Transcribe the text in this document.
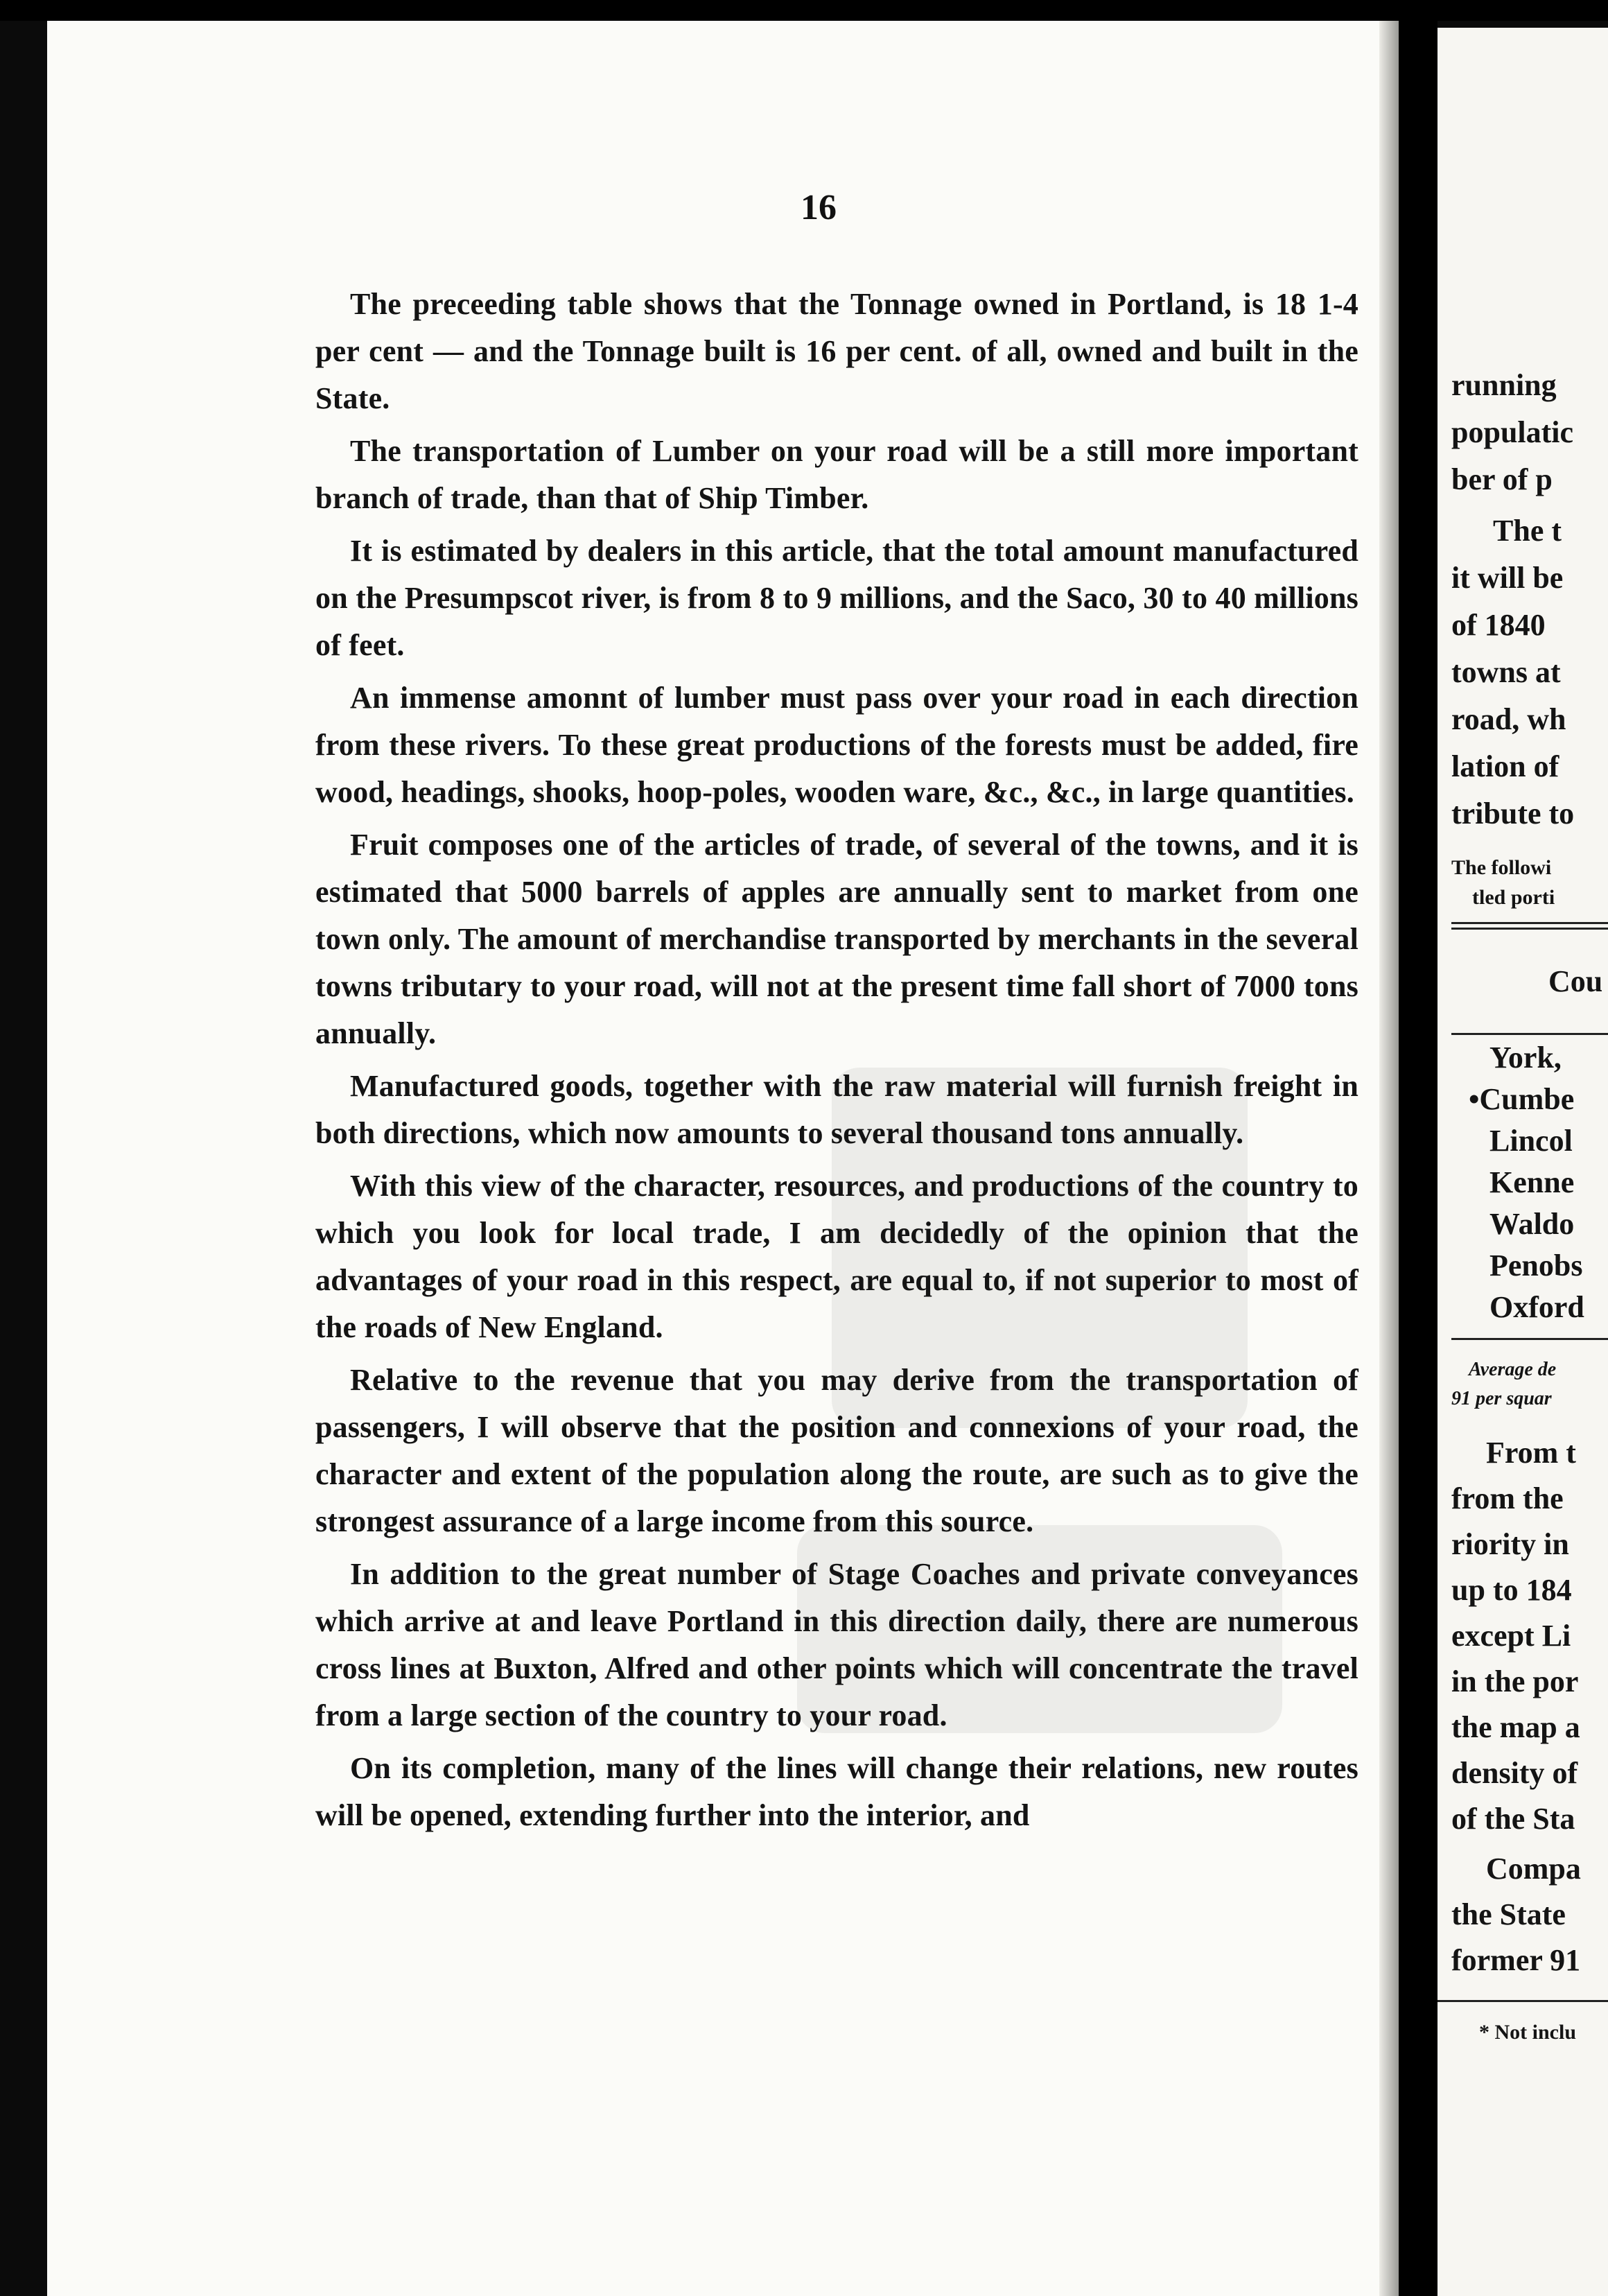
16

The preceeding table shows that the Tonnage owned in Portland, is 18 1-4 per cent — and the Tonnage built is 16 per cent. of all, owned and built in the State.

The transportation of Lumber on your road will be a still more important branch of trade, than that of Ship Timber.

It is estimated by dealers in this article, that the total amount manufactured on the Presumpscot river, is from 8 to 9 millions, and the Saco, 30 to 40 millions of feet.

An immense amonnt of lumber must pass over your road in each direction from these rivers. To these great productions of the forests must be added, fire wood, headings, shooks, hoop-poles, wooden ware, &c., &c., in large quantities.

Fruit composes one of the articles of trade, of several of the towns, and it is estimated that 5000 barrels of apples are annually sent to market from one town only. The amount of merchandise transported by merchants in the several towns tributary to your road, will not at the present time fall short of 7000 tons annually.

Manufactured goods, together with the raw material will furnish freight in both directions, which now amounts to several thousand tons annually.

With this view of the character, resources, and productions of the country to which you look for local trade, I am decidedly of the opinion that the advantages of your road in this respect, are equal to, if not superior to most of the roads of New England.

Relative to the revenue that you may derive from the transportation of passengers, I will observe that the position and connexions of your road, the character and extent of the population along the route, are such as to give the strongest assurance of a large income from this source.

In addition to the great number of Stage Coaches and private conveyances which arrive at and leave Portland in this direction daily, there are numerous cross lines at Buxton, Alfred and other points which will concentrate the travel from a large section of the country to your road.

On its completion, many of the lines will change their relations, new routes will be opened, extending further into the interior, and

running
populatic
ber of p
The t
it will be
of 1840
towns at
road, wh
lation of
tribute to
The followi
tled porti
Cou
York,
•Cumbe
Lincol
Kenne
Waldo
Penobs
Oxford
Average de
91 per squar
From t
from the
riority in
up to 184
except Li
in the por
the map a
density of
of the Sta
Compa
the State
former 91
* Not inclu
